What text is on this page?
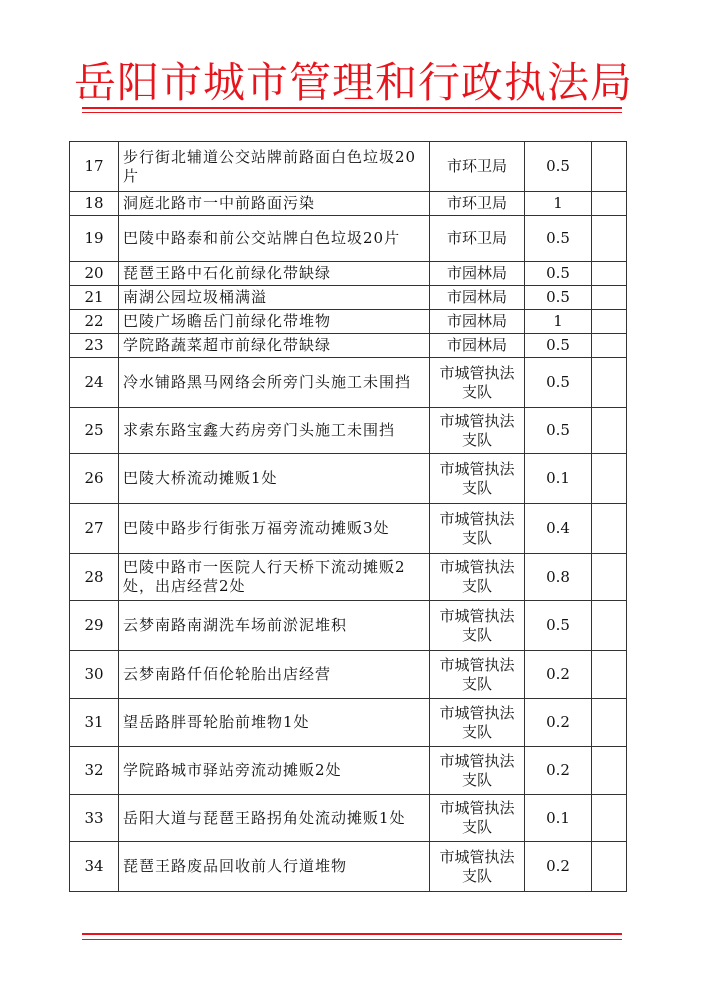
岳阳市城市管理和行政执法局
17	步行街北辅道公交站牌前路面白色垃圾20片	市环卫局	0.5	
18	洞庭北路市一中前路面污染	市环卫局	1	
19	巴陵中路泰和前公交站牌白色垃圾20片	市环卫局	0.5	
20	琵琶王路中石化前绿化带缺绿	市园林局	0.5	
21	南湖公园垃圾桶满溢	市园林局	0.5	
22	巴陵广场瞻岳门前绿化带堆物	市园林局	1	
23	学院路蔬菜超市前绿化带缺绿	市园林局	0.5	
24	冷水铺路黑马网络会所旁门头施工未围挡	市城管执法支队	0.5	
25	求索东路宝鑫大药房旁门头施工未围挡	市城管执法支队	0.5	
26	巴陵大桥流动摊贩1处	市城管执法支队	0.1	
27	巴陵中路步行街张万福旁流动摊贩3处	市城管执法支队	0.4	
28	巴陵中路市一医院人行天桥下流动摊贩2处，出店经营2处	市城管执法支队	0.8	
29	云梦南路南湖洗车场前淤泥堆积	市城管执法支队	0.5	
30	云梦南路仟佰伦轮胎出店经营	市城管执法支队	0.2	
31	望岳路胖哥轮胎前堆物1处	市城管执法支队	0.2	
32	学院路城市驿站旁流动摊贩2处	市城管执法支队	0.2	
33	岳阳大道与琵琶王路拐角处流动摊贩1处	市城管执法支队	0.1	
34	琵琶王路废品回收前人行道堆物	市城管执法支队	0.2	
